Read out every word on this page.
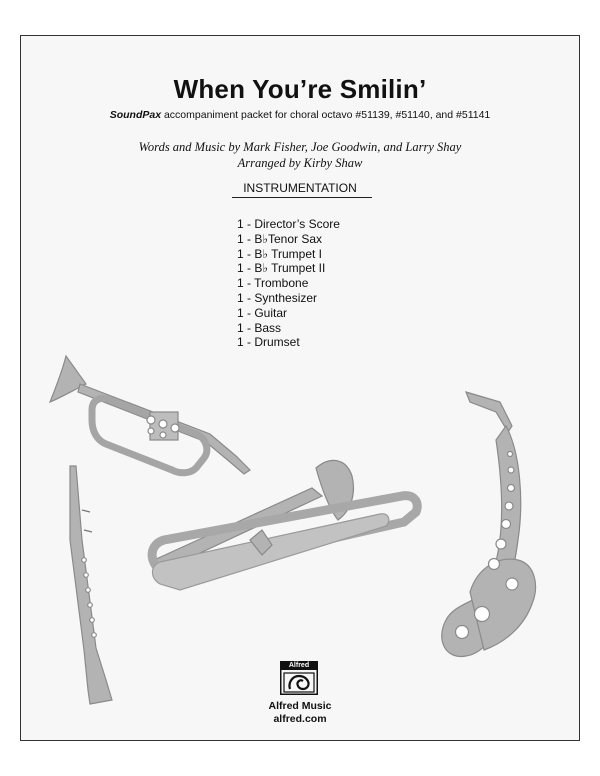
When You’re Smilin’
SoundPax accompaniment packet for choral octavo #51139, #51140, and #51141
Words and Music by Mark Fisher, Joe Goodwin, and Larry Shay
Arranged by Kirby Shaw
INSTRUMENTATION
1 - Director’s Score
1 - B♭Tenor Sax
1 - B♭ Trumpet I
1 - B♭ Trumpet II
1 - Trombone
1 - Synthesizer
1 - Guitar
1 - Bass
1 - Drumset
Alfred
Alfred Music
alfred.com
